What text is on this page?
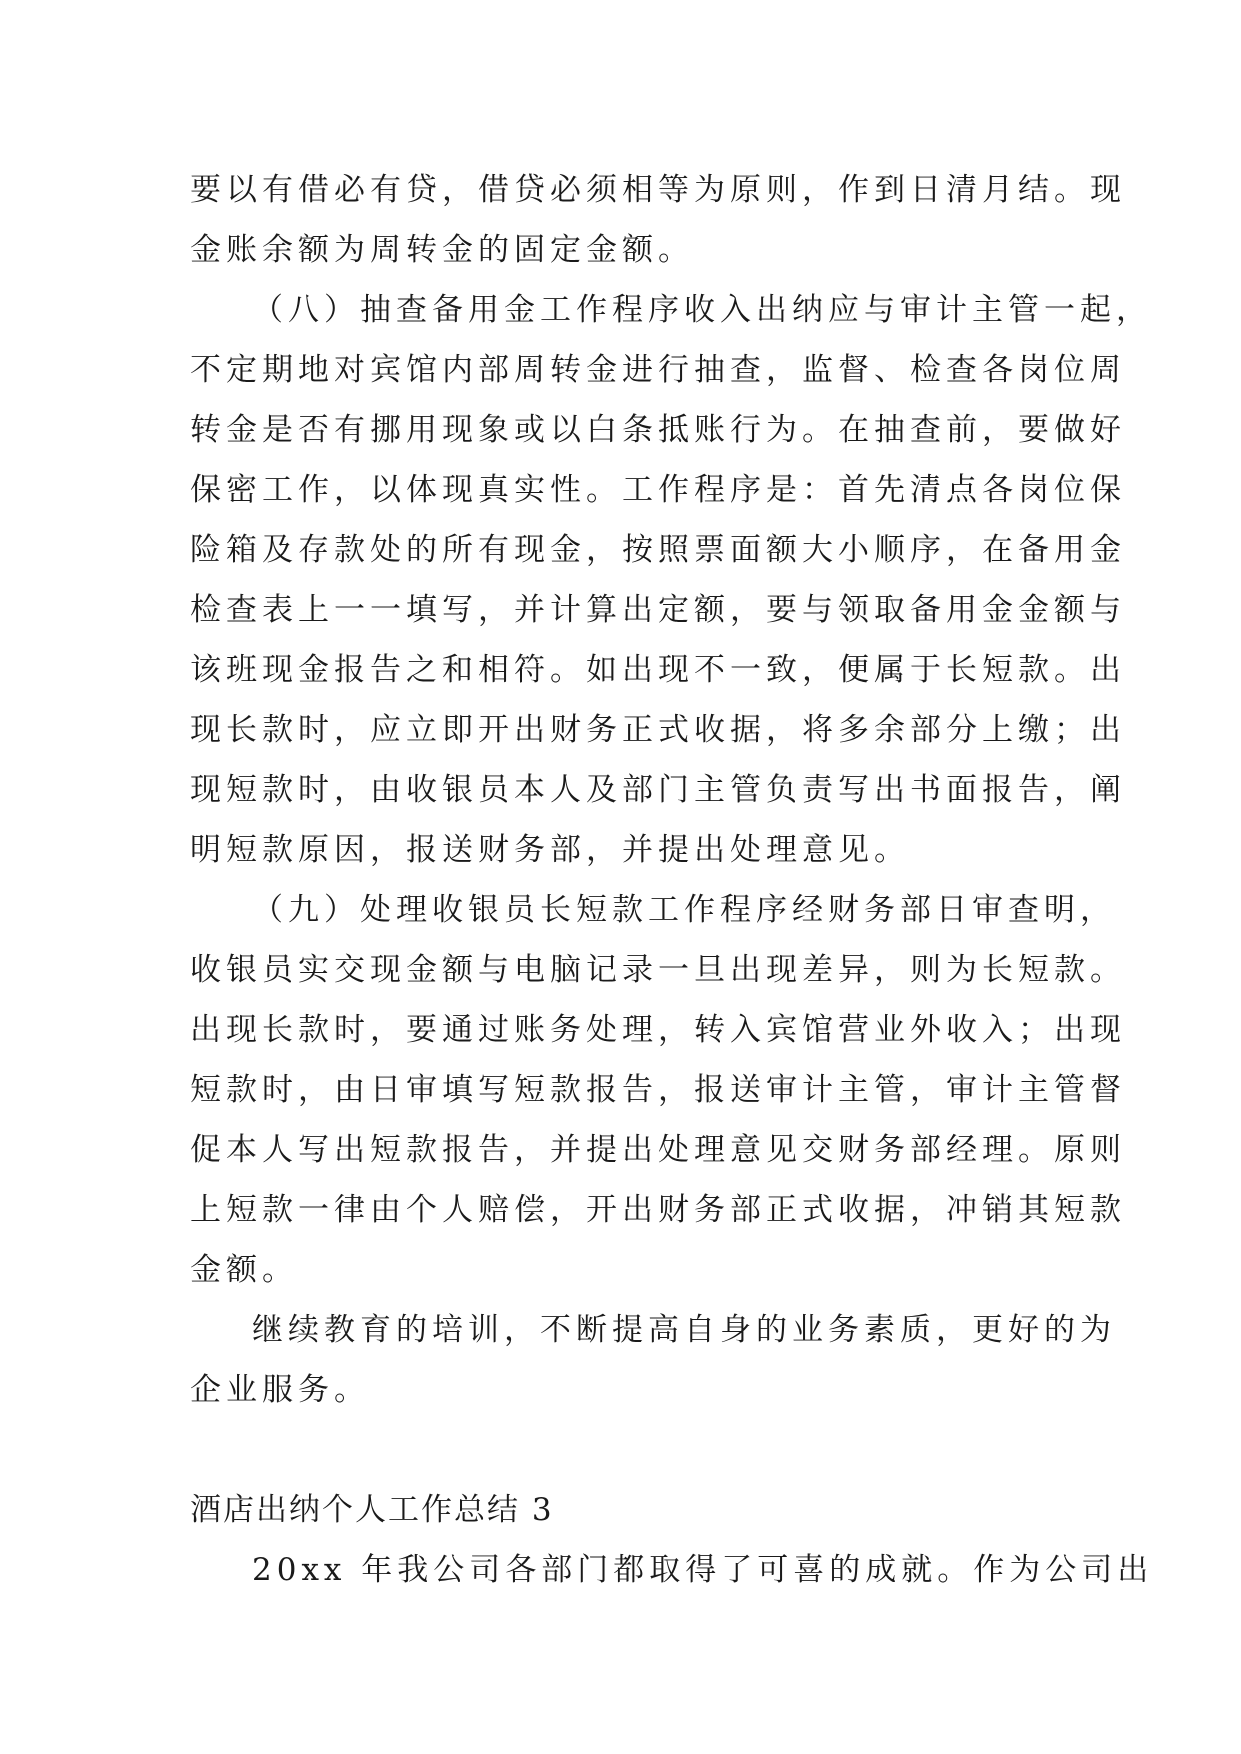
要以有借必有贷，借贷必须相等为原则，作到日清月结。现
金账余额为周转金的固定金额。

（八）抽查备用金工作程序收入出纳应与审计主管一起，
不定期地对宾馆内部周转金进行抽查，监督、检查各岗位周
转金是否有挪用现象或以白条抵账行为。在抽查前，要做好
保密工作，以体现真实性。工作程序是：首先清点各岗位保
险箱及存款处的所有现金，按照票面额大小顺序，在备用金
检查表上一一填写，并计算出定额，要与领取备用金金额与
该班现金报告之和相符。如出现不一致，便属于长短款。出
现长款时，应立即开出财务正式收据，将多余部分上缴；出
现短款时，由收银员本人及部门主管负责写出书面报告，阐
明短款原因，报送财务部，并提出处理意见。

（九）处理收银员长短款工作程序经财务部日审查明，
收银员实交现金额与电脑记录一旦出现差异，则为长短款。
出现长款时，要通过账务处理，转入宾馆营业外收入；出现
短款时，由日审填写短款报告，报送审计主管，审计主管督
促本人写出短款报告，并提出处理意见交财务部经理。原则
上短款一律由个人赔偿，开出财务部正式收据，冲销其短款
金额。

继续教育的培训，不断提高自身的业务素质，更好的为
企业服务。

酒店出纳个人工作总结 3

20xx 年我公司各部门都取得了可喜的成就。作为公司出
